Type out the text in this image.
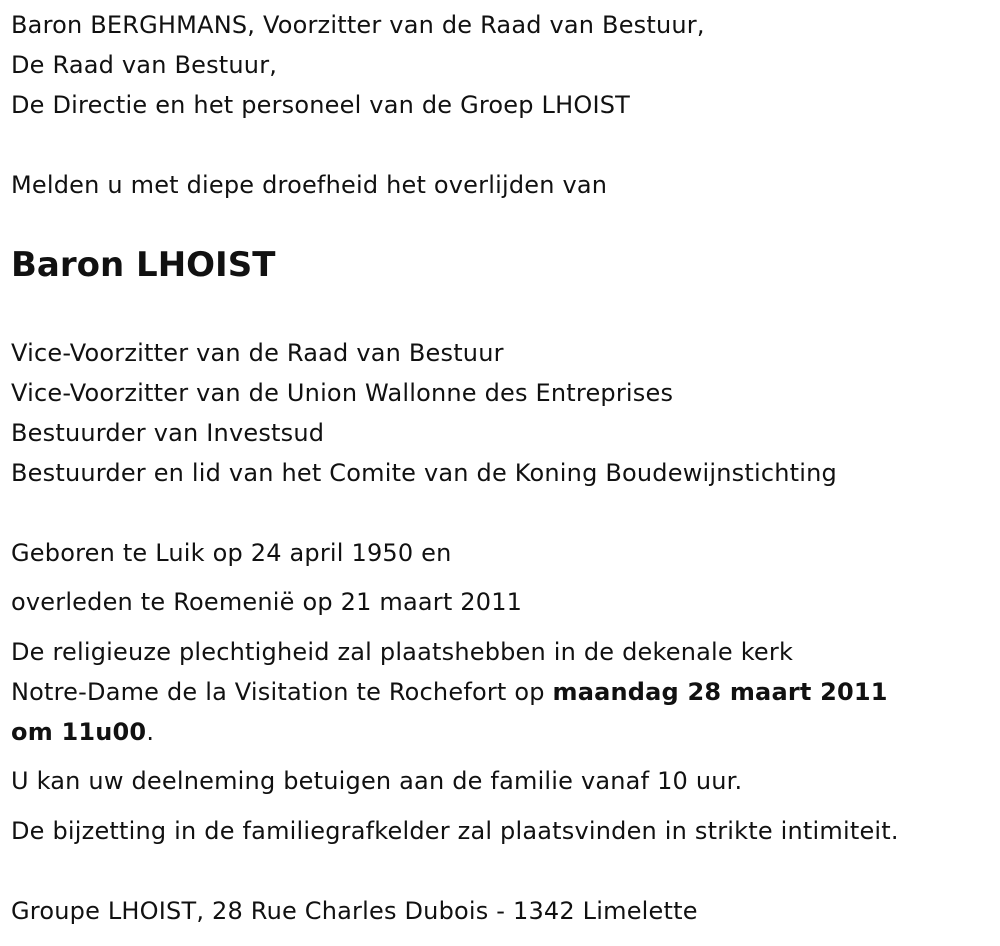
Baron BERGHMANS, Voorzitter van de Raad van Bestuur,
De Raad van Bestuur,
De Directie en het personeel van de Groep LHOIST
Melden u met diepe droefheid het overlijden van
Baron LHOIST
Vice-Voorzitter van de Raad van Bestuur
Vice-Voorzitter van de Union Wallonne des Entreprises
Bestuurder van Investsud
Bestuurder en lid van het Comite van de Koning Boudewijnstichting
Geboren te Luik op 24 april 1950 en
overleden te Roemenië op 21 maart 2011
De religieuze plechtigheid zal plaatshebben in de dekenale kerk
Notre-Dame de la Visitation te Rochefort op maandag 28 maart 2011
om 11u00.
U kan uw deelneming betuigen aan de familie vanaf 10 uur.
De bijzetting in de familiegrafkelder zal plaatsvinden in strikte intimiteit.
Groupe LHOIST, 28 Rue Charles Dubois - 1342 Limelette
